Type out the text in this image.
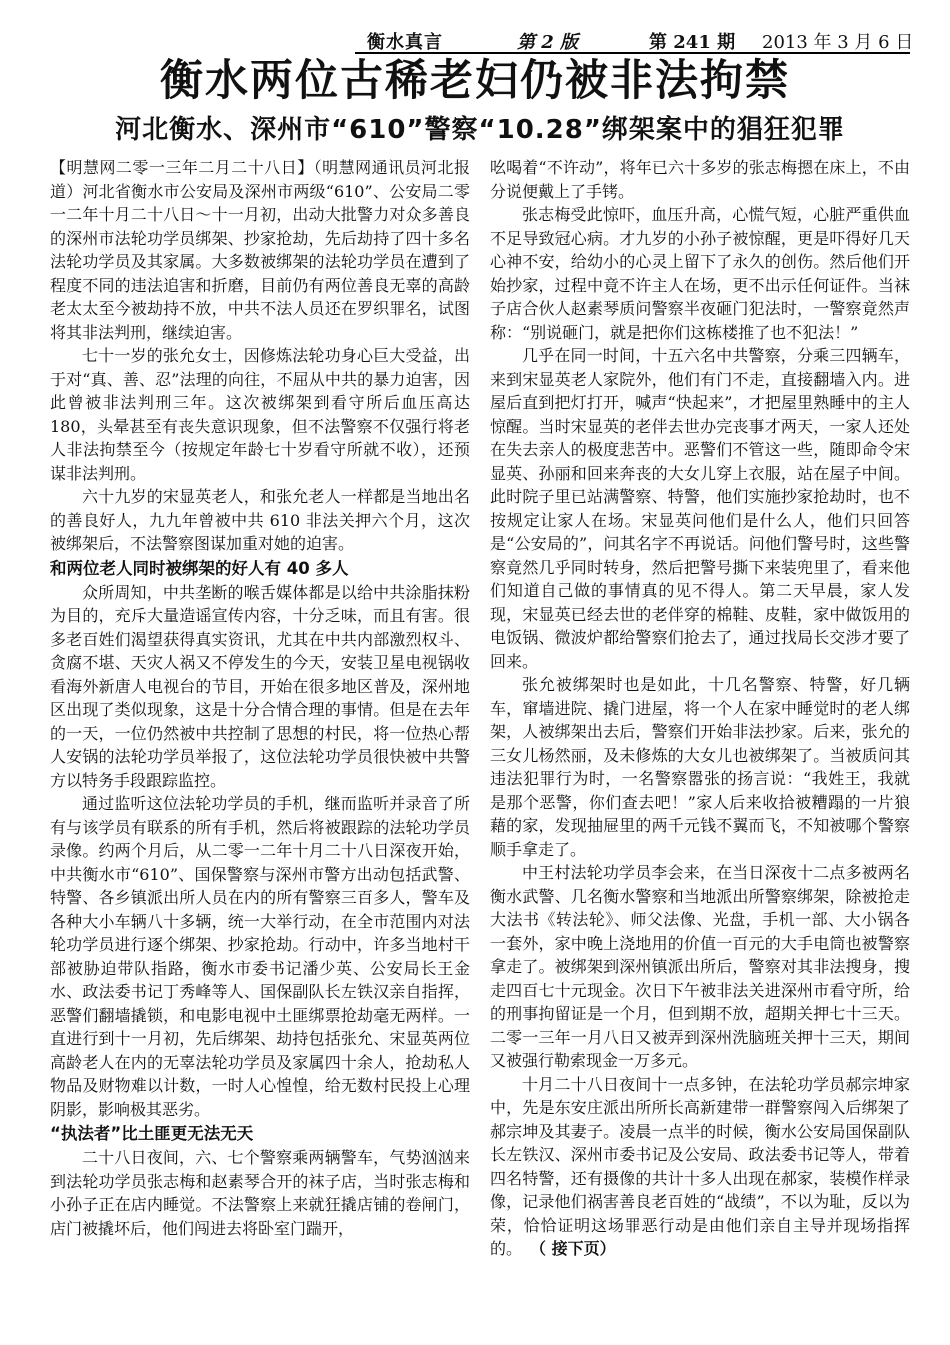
衡水真言	第 2 版	第 241 期 2013 年 3 月 6 日
衡水两位古稀老妇仍被非法拘禁
河北衡水、深州市“610”警察“10.28”绑架案中的猖狂犯罪

【明慧网二零一三年二月二十八日】（明慧网通讯员河北报道）河北省衡水市公安局及深州市两级“610”、公安局二零一二年十月二十八日～十一月初，出动大批警力对众多善良的深州市法轮功学员绑架、抄家抢劫，先后劫持了四十多名法轮功学员及其家属。大多数被绑架的法轮功学员在遭到了程度不同的违法追害和折磨，目前仍有两位善良无辜的高龄老太太至今被劫持不放，中共不法人员还在罗织罪名，试图将其非法判刑，继续迫害。

七十一岁的张允女士，因修炼法轮功身心巨大受益，出于对“真、善、忍”法理的向往，不屈从中共的暴力迫害，因此曾被非法判刑三年。这次被绑架到看守所后血压高达 180，头晕甚至有丧失意识现象，但不法警察不仅强行将老人非法拘禁至今（按规定年龄七十岁看守所就不收），还预谋非法判刑。

六十九岁的宋显英老人，和张允老人一样都是当地出名的善良好人，九九年曾被中共 610 非法关押六个月，这次被绑架后，不法警察图谋加重对她的迫害。

和两位老人同时被绑架的好人有 40 多人

众所周知，中共垄断的喉舌媒体都是以给中共涂脂抹粉为目的，充斥大量造谣宣传内容，十分乏味，而且有害。很多老百姓们渴望获得真实资讯，尤其在中共内部激烈权斗、贪腐不堪、天灾人祸又不停发生的今天，安装卫星电视锅收看海外新唐人电视台的节目，开始在很多地区普及，深州地区出现了类似现象，这是十分合情合理的事情。但是在去年的一天，一位仍然被中共控制了思想的村民，将一位热心帮人安锅的法轮功学员举报了，这位法轮功学员很快被中共警方以特务手段跟踪监控。

通过监听这位法轮功学员的手机，继而监听并录音了所有与该学员有联系的所有手机，然后将被跟踪的法轮功学员录像。约两个月后，从二零一二年十月二十八日深夜开始，中共衡水市“610”、国保警察与深州市警方出动包括武警、特警、各乡镇派出所人员在内的所有警察三百多人，警车及各种大小车辆八十多辆，统一大举行动，在全市范围内对法轮功学员进行逐个绑架、抄家抢劫。行动中，许多当地村干部被胁迫带队指路，衡水市委书记潘少英、公安局长王金水、政法委书记丁秀峰等人、国保副队长左铁汉亲自指挥，恶警们翻墙撬锁，和电影电视中土匪绑票抢劫毫无两样。一直进行到十一月初，先后绑架、劫持包括张允、宋显英两位高龄老人在内的无辜法轮功学员及家属四十余人，抢劫私人物品及财物难以计数，一时人心惶惶，给无数村民投上心理阴影，影响极其恶劣。

“执法者”比土匪更无法无天

二十八日夜间，六、七个警察乘两辆警车，气势汹汹来到法轮功学员张志梅和赵素琴合开的袜子店，当时张志梅和小孙子正在店内睡觉。不法警察上来就狂撬店铺的卷闸门，店门被撬坏后，他们闯进去将卧室门踹开，

吆喝着“不许动”，将年已六十多岁的张志梅摁在床上，不由分说便戴上了手铐。

张志梅受此惊吓，血压升高，心慌气短，心脏严重供血不足导致冠心病。才九岁的小孙子被惊醒，更是吓得好几天心神不安，给幼小的心灵上留下了永久的创伤。然后他们开始抄家，过程中竟不许主人在场，更不出示任何证件。当袜子店合伙人赵素琴质问警察半夜砸门犯法时，一警察竟然声称：“别说砸门，就是把你们这栋楼推了也不犯法！”

几乎在同一时间，十五六名中共警察，分乘三四辆车，来到宋显英老人家院外，他们有门不走，直接翻墙入内。进屋后直到把灯打开，喊声“快起来”，才把屋里熟睡中的主人惊醒。当时宋显英的老伴去世办完丧事才两天，一家人还处在失去亲人的极度悲苦中。恶警们不管这一些，随即命令宋显英、孙丽和回来奔丧的大女儿穿上衣服，站在屋子中间。此时院子里已站满警察、特警，他们实施抄家抢劫时，也不按规定让家人在场。宋显英问他们是什么人，他们只回答是“公安局的”，问其名字不再说话。问他们警号时，这些警察竟然几乎同时转身，然后把警号撕下来装兜里了，看来他们知道自己做的事情真的见不得人。第二天早晨，家人发现，宋显英已经去世的老伴穿的棉鞋、皮鞋，家中做饭用的电饭锅、微波炉都给警察们抢去了，通过找局长交涉才要了回来。

张允被绑架时也是如此，十几名警察、特警，好几辆车，窜墙进院、撬门进屋，将一个人在家中睡觉时的老人绑架，人被绑架出去后，警察们开始非法抄家。后来，张允的三女儿杨然丽，及未修炼的大女儿也被绑架了。当被质问其违法犯罪行为时，一名警察嚣张的扬言说：“我姓王，我就是那个恶警，你们查去吧！”家人后来收拾被糟蹋的一片狼藉的家，发现抽屉里的两千元钱不翼而飞，不知被哪个警察顺手拿走了。

中王村法轮功学员李会来，在当日深夜十二点多被两名衡水武警、几名衡水警察和当地派出所警察绑架，除被抢走大法书《转法轮》、师父法像、光盘，手机一部、大小锅各一套外，家中晚上浇地用的价值一百元的大手电筒也被警察拿走了。被绑架到深州镇派出所后，警察对其非法搜身，搜走四百七十元现金。次日下午被非法关进深州市看守所，给的刑事拘留证是一个月，但到期不放，超期关押七十三天。二零一三年一月八日又被弄到深州洗脑班关押十三天，期间又被强行勒索现金一万多元。

十月二十八日夜间十一点多钟，在法轮功学员郝宗坤家中，先是东安庄派出所所长高新建带一群警察闯入后绑架了郝宗坤及其妻子。凌晨一点半的时候，衡水公安局国保副队长左铁汉、深州市委书记及公安局、政法委书记等人，带着四名特警，还有摄像的共计十多人出现在郝家，装模作样录像，记录他们祸害善良老百姓的“战绩”，不以为耻，反以为荣，恰恰证明这场罪恶行动是由他们亲自主导并现场指挥的。 （ 接下页）
